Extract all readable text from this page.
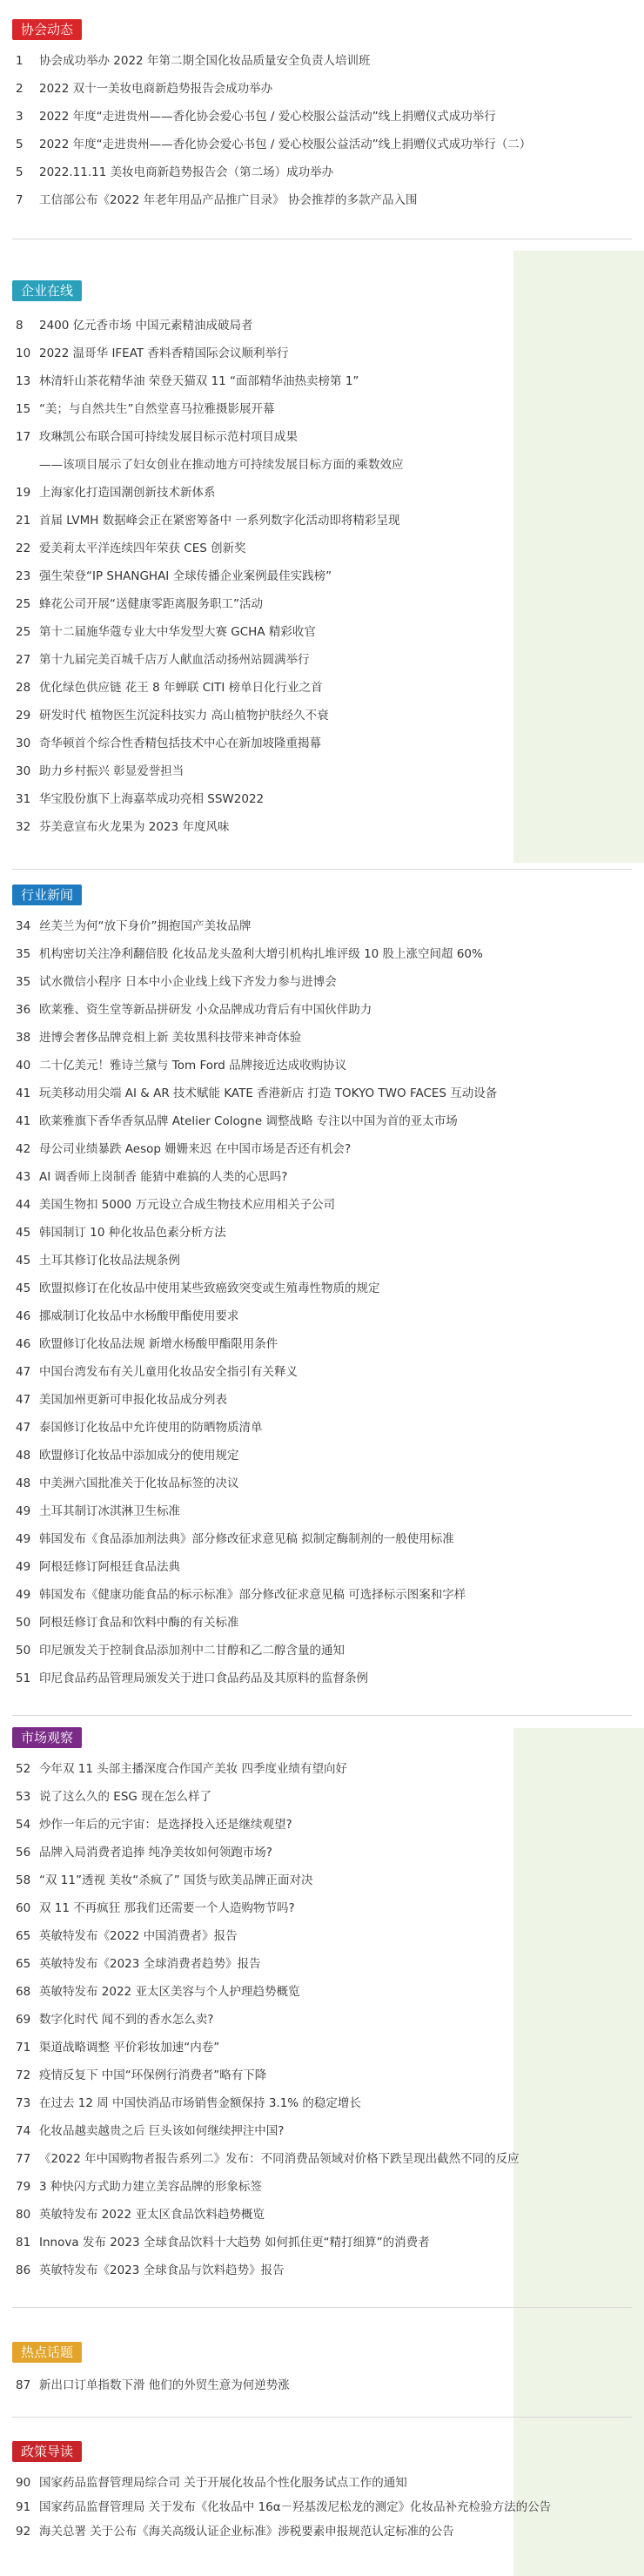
协会动态
1	协会成功举办 2022 年第二期全国化妆品质量安全负责人培训班
2	2022 双十一美妆电商新趋势报告会成功举办
3	2022 年度“走进贵州——香化协会爱心书包 / 爱心校服公益活动”线上捐赠仪式成功举行
5	2022 年度“走进贵州——香化协会爱心书包 / 爱心校服公益活动”线上捐赠仪式成功举行（二）
5	2022.11.11 美妆电商新趋势报告会（第二场）成功举办
7	工信部公布《2022 年老年用品产品推广目录》 协会推荐的多款产品入围
企业在线
8	2400 亿元香市场 中国元素精油成破局者
10 2022 温哥华 IFEAT 香料香精国际会议顺利举行
13 林清轩山茶花精华油 荣登天猫双 11 “面部精华油热卖榜第 1”
15 “美；与自然共生”自然堂喜马拉雅摄影展开幕
17 玫琳凯公布联合国可持续发展目标示范村项目成果
——该项目展示了妇女创业在推动地方可持续发展目标方面的乘数效应
19 上海家化打造国潮创新技术新体系
21 首届 LVMH 数据峰会正在紧密筹备中 一系列数字化活动即将精彩呈现
22 爱美莉太平洋连续四年荣获 CES 创新奖
23 强生荣登“IP SHANGHAI 全球传播企业案例最佳实践榜”
25 蜂花公司开展“送健康零距离服务职工”活动
25 第十二届施华蔻专业大中华发型大赛 GCHA 精彩收官
27 第十九届完美百城千店万人献血活动扬州站圆满举行
28 优化绿色供应链 花王 8 年蝉联 CITI 榜单日化行业之首
29 研发时代 植物医生沉淀科技实力 高山植物护肤经久不衰
30 奇华顿首个综合性香精包括技术中心在新加坡隆重揭幕
30 助力乡村振兴 彰显爱誉担当
31 华宝股份旗下上海嘉萃成功亮相 SSW2022
32 芬美意宣布火龙果为 2023 年度风味
行业新闻
34 丝芙兰为何“放下身价”拥抱国产美妆品牌
35 机构密切关注净利翻倍股 化妆品龙头盈利大增引机构扎堆评级 10 股上涨空间超 60%
35 试水微信小程序 日本中小企业线上线下齐发力参与进博会
36 欧莱雅、资生堂等新品拼研发 小众品牌成功背后有中国伙伴助力
38 进博会奢侈品牌竞相上新 美妆黑科技带来神奇体验
40 二十亿美元！雅诗兰黛与 Tom Ford 品牌接近达成收购协议
41 玩美移动用尖端 AI & AR 技术赋能 KATE 香港新店 打造 TOKYO TWO FACES 互动设备
41 欧莱雅旗下香华香氛品牌 Atelier Cologne 调整战略 专注以中国为首的亚太市场
42 母公司业绩暴跌 Aesop 姗姗来迟 在中国市场是否还有机会?
43 AI 调香师上岗制香 能猜中难搞的人类的心思吗?
44 美国生物扣 5000 万元设立合成生物技术应用相关子公司
45 韩国制订 10 种化妆品色素分析方法
45 土耳其修订化妆品法规条例
45 欧盟拟修订在化妆品中使用某些致癌致突变或生殖毒性物质的规定
46 挪威制订化妆品中水杨酸甲酯使用要求
46 欧盟修订化妆品法规 新增水杨酸甲酯限用条件
47 中国台湾发布有关儿童用化妆品安全指引有关释义
47 美国加州更新可申报化妆品成分列表
47 泰国修订化妆品中允许使用的防晒物质清单
48 欧盟修订化妆品中添加成分的使用规定
48 中美洲六国批准关于化妆品标签的决议
49 土耳其制订冰淇淋卫生标准
49 韩国发布《食品添加剂法典》部分修改征求意见稿 拟制定酶制剂的一般使用标准
49 阿根廷修订阿根廷食品法典
49 韩国发布《健康功能食品的标示标准》部分修改征求意见稿 可选择标示图案和字样
50 阿根廷修订食品和饮料中酶的有关标准
50 印尼颁发关于控制食品添加剂中二甘醇和乙二醇含量的通知
51 印尼食品药品管理局颁发关于进口食品药品及其原料的监督条例
市场观察
52 今年双 11 头部主播深度合作国产美妆 四季度业绩有望向好
53 说了这么久的 ESG 现在怎么样了
54 炒作一年后的元宇宙：是选择投入还是继续观望?
56 品牌入局消费者追捧 纯净美妆如何领跑市场?
58 “双 11”透视 美妆“杀疯了” 国货与欧美品牌正面对决
60 双 11 不再疯狂 那我们还需要一个人造购物节吗?
65 英敏特发布《2022 中国消费者》报告
65 英敏特发布《2023 全球消费者趋势》报告
68 英敏特发布 2022 亚太区美容与个人护理趋势概览
69 数字化时代 闻不到的香水怎么卖?
71 渠道战略调整 平价彩妆加速“内卷”
72 疫情反复下 中国“环保例行消费者”略有下降
73 在过去 12 周 中国快消品市场销售金额保持 3.1% 的稳定增长
74 化妆品越卖越贵之后 巨头该如何继续押注中国?
77 《2022 年中国购物者报告系列二》发布：不同消费品领域对价格下跌呈现出截然不同的反应
79 3 种快闪方式助力建立美容品牌的形象标签
80 英敏特发布 2022 亚太区食品饮料趋势概览
81 Innova 发布 2023 全球食品饮料十大趋势 如何抓住更“精打细算”的消费者
86 英敏特发布《2023 全球食品与饮料趋势》报告
热点话题
87 新出口订单指数下滑 他们的外贸生意为何逆势涨
政策导读
90 国家药品监督管理局综合司 关于开展化妆品个性化服务试点工作的通知
91 国家药品监督管理局 关于发布《化妆品中 16α－羟基泼尼松龙的测定》化妆品补充检验方法的公告
92 海关总署 关于公布《海关高级认证企业标准》涉税要素申报规范认定标准的公告
